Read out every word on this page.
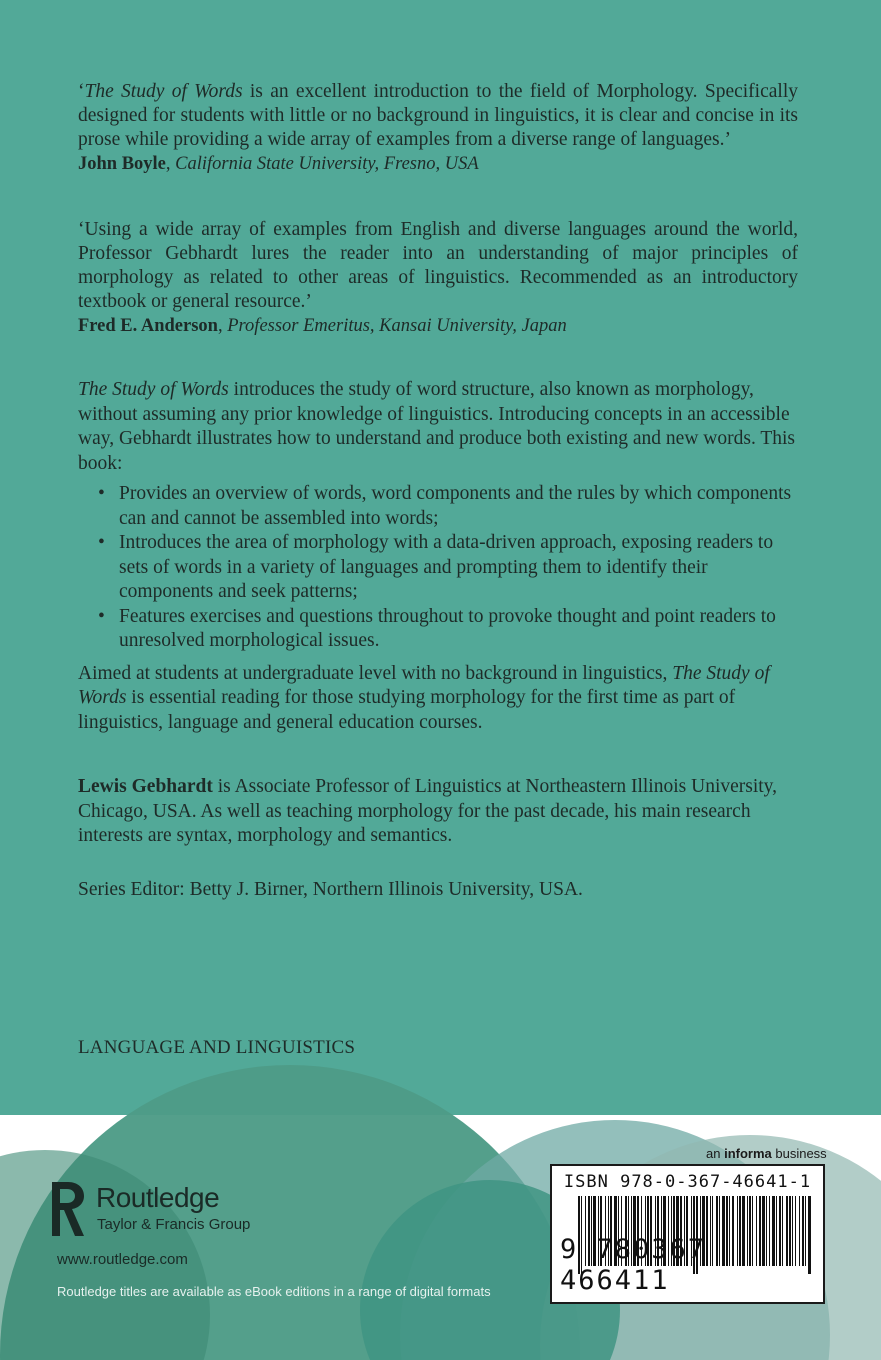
‘The Study of Words is an excellent introduction to the field of Morphology. Specifically designed for students with little or no background in linguistics, it is clear and concise in its prose while providing a wide array of examples from a diverse range of languages.’

John Boyle, California State University, Fresno, USA

‘Using a wide array of examples from English and diverse languages around the world, Professor Gebhardt lures the reader into an understanding of major principles of morphology as related to other areas of linguistics. Recommended as an introductory textbook or general resource.’

Fred E. Anderson, Professor Emeritus, Kansai University, Japan

The Study of Words introduces the study of word structure, also known as morphology, without assuming any prior knowledge of linguistics. Introducing concepts in an accessible way, Gebhardt illustrates how to understand and produce both existing and new words. This book:

• Provides an overview of words, word components and the rules by which components can and cannot be assembled into words;
• Introduces the area of morphology with a data-driven approach, exposing readers to sets of words in a variety of languages and prompting them to identify their components and seek patterns;
• Features exercises and questions throughout to provoke thought and point readers to unresolved morphological issues.

Aimed at students at undergraduate level with no background in linguistics, The Study of Words is essential reading for those studying morphology for the first time as part of linguistics, language and general education courses.

Lewis Gebhardt is Associate Professor of Linguistics at Northeastern Illinois University, Chicago, USA. As well as teaching morphology for the past decade, his main research interests are syntax, morphology and semantics.

Series Editor: Betty J. Birner, Northern Illinois University, USA.

LANGUAGE AND LINGUISTICS
Routledge
Taylor & Francis Group
www.routledge.com
Routledge titles are available as eBook editions in a range of digital formats
an informa business
ISBN 978-0-367-46641-1
9 780367 466411
